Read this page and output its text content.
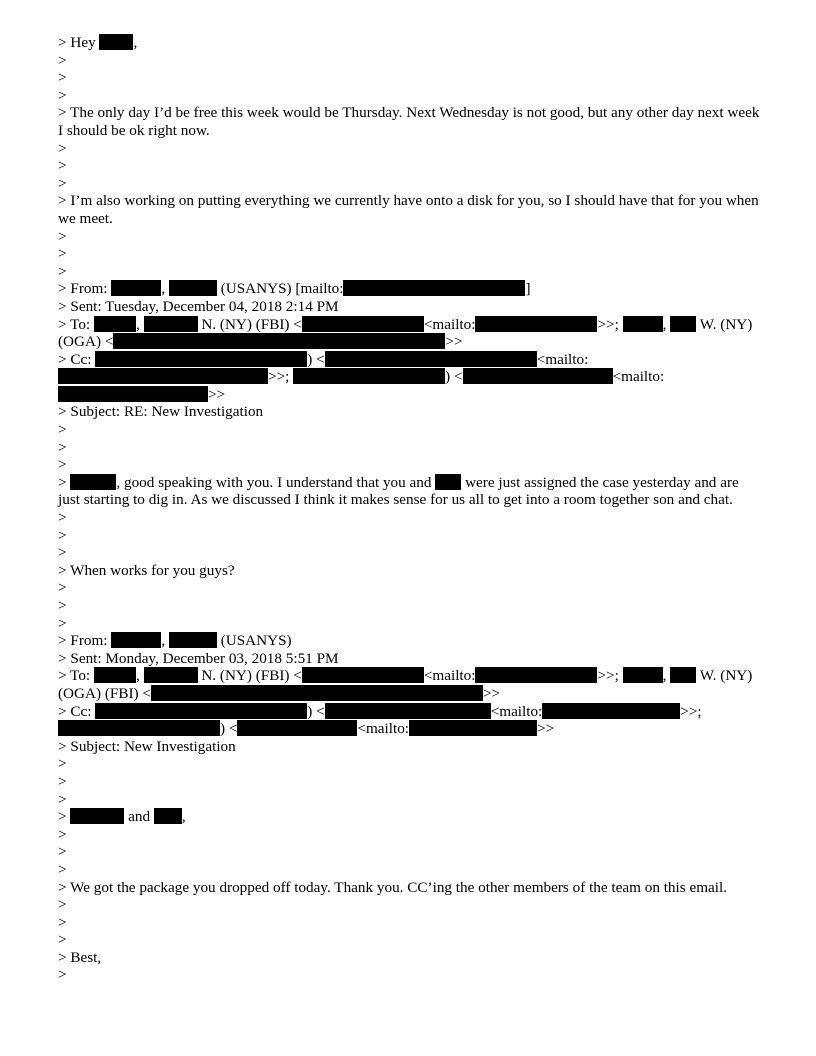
> Hey ,

>

>

>

> The only day I’d be free this week would be Thursday. Next Wednesday is not good, but any other day next week I should be ok right now.

>

>

>

> I’m also working on putting everything we currently have onto a disk for you, so I should have that for you when we meet.

>

>

>

> From:	,	(USANYS) [mailto:	]

> Sent: Tuesday, December 04, 2018 2:14 PM

> To:	,	N. (NY) (FBI) <	<mailto:	>>;	, W. (NY) (OGA) <	>>

> Cc:	) <	<mailto:>>;	) <	<mailto:>>

> Subject: RE: New Investigation

>

>

>

>	, good speaking with you. I understand that you and were just assigned the case yesterday and are just starting to dig in. As we discussed I think it makes sense for us all to get into a room together son and chat.

>

>

>

> When works for you guys?

>

>

>

> From:	,	(USANYS)

> Sent: Monday, December 03, 2018 5:51 PM

> To:	,	N. (NY) (FBI) <	<mailto:	>>;	, W. (NY) (OGA) (FBI) <	>>

> Cc:	) <	<mailto:	>>; ) <	<mailto:	>>

> Subject: New Investigation

>

>

>

>	and ,

>

>

>

> We got the package you dropped off today. Thank you. CC’ing the other members of the team on this email.

>

>

>

> Best,

>
